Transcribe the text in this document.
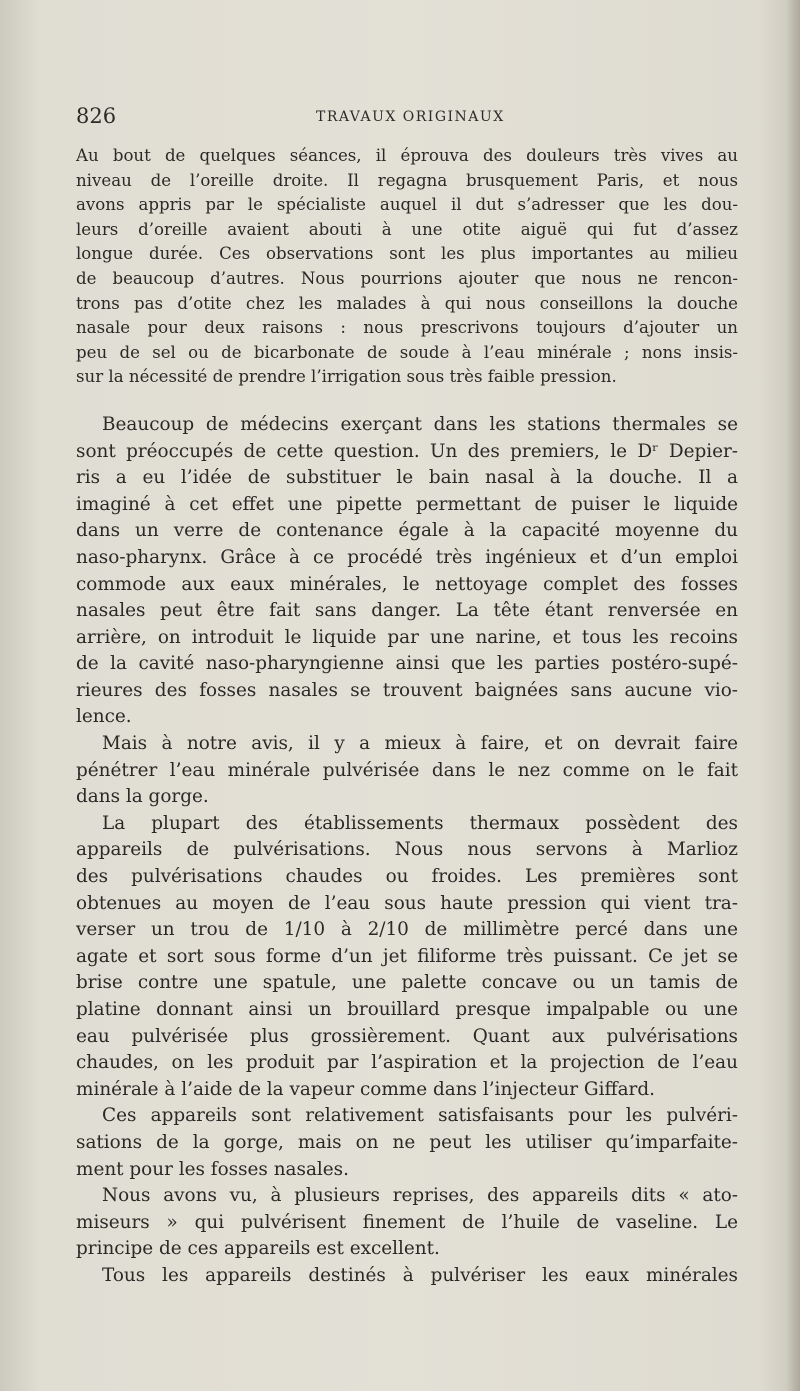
826	TRAVAUX ORIGINAUX
Au bout de quelques séances, il éprouva des douleurs très vives au
niveau de l’oreille droite. Il regagna brusquement Paris, et nous
avons appris par le spécialiste auquel il dut s’adresser que les dou-
leurs d’oreille avaient abouti à une otite aiguë qui fut d’assez
longue durée. Ces observations sont les plus importantes au milieu
de beaucoup d’autres. Nous pourrions ajouter que nous ne rencon-
trons pas d’otite chez les malades à qui nous conseillons la douche
nasale pour deux raisons : nous prescrivons toujours d’ajouter un
peu de sel ou de bicarbonate de soude à l’eau minérale ; nons insis-
sur la nécessité de prendre l’irrigation sous très faible pression.
Beaucoup de médecins exerçant dans les stations thermales se
sont préoccupés de cette question. Un des premiers, le Dʳ Depier-
ris a eu l’idée de substituer le bain nasal à la douche. Il a
imaginé à cet effet une pipette permettant de puiser le liquide
dans un verre de contenance égale à la capacité moyenne du
naso-pharynx. Grâce à ce procédé très ingénieux et d’un emploi
commode aux eaux minérales, le nettoyage complet des fosses
nasales peut être fait sans danger. La tête étant renversée en
arrière, on introduit le liquide par une narine, et tous les recoins
de la cavité naso-pharyngienne ainsi que les parties postéro-supé-
rieures des fosses nasales se trouvent baignées sans aucune vio-
lence.
Mais à notre avis, il y a mieux à faire, et on devrait faire
pénétrer l’eau minérale pulvérisée dans le nez comme on le fait
dans la gorge.
La plupart des établissements thermaux possèdent des
appareils de pulvérisations. Nous nous servons à Marlioz
des pulvérisations chaudes ou froides. Les premières sont
obtenues au moyen de l’eau sous haute pression qui vient tra-
verser un trou de 1/10 à 2/10 de millimètre percé dans une
agate et sort sous forme d’un jet filiforme très puissant. Ce jet se
brise contre une spatule, une palette concave ou un tamis de
platine donnant ainsi un brouillard presque impalpable ou une
eau pulvérisée plus grossièrement. Quant aux pulvérisations
chaudes, on les produit par l’aspiration et la projection de l’eau
minérale à l’aide de la vapeur comme dans l’injecteur Giffard.
Ces appareils sont relativement satisfaisants pour les pulvéri-
sations de la gorge, mais on ne peut les utiliser qu’imparfaite-
ment pour les fosses nasales.
Nous avons vu, à plusieurs reprises, des appareils dits « ato-
miseurs » qui pulvérisent finement de l’huile de vaseline. Le
principe de ces appareils est excellent.
Tous les appareils destinés à pulvériser les eaux minérales
